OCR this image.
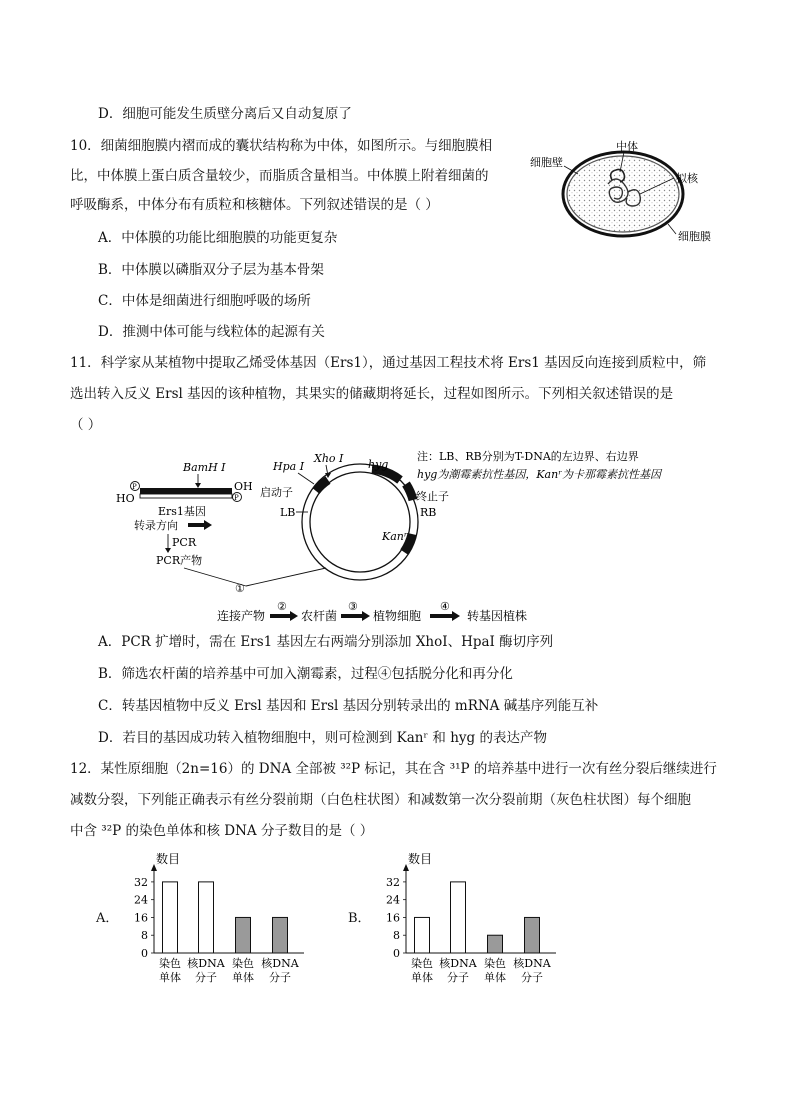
D．细胞可能发生质壁分离后又自动复原了
10．细菌细胞膜内褶而成的囊状结构称为中体，如图所示。与细胞膜相
比，中体膜上蛋白质含量较少，而脂质含量相当。中体膜上附着细菌的
呼吸酶系，中体分布有质粒和核糖体。下列叙述错误的是（ ）
A．中体膜的功能比细胞膜的功能更复杂
B．中体膜以磷脂双分子层为基本骨架
C．中体是细菌进行细胞呼吸的场所
D．推测中体可能与线粒体的起源有关
中体
细胞壁
拟核
细胞膜
11．科学家从某植物中提取乙烯受体基因（Ers1），通过基因工程技术将 Ers1 基因反向连接到质粒中，筛
选出转入反义 Ersl 基因的该种植物，其果实的储藏期将延长，过程如图所示。下列相关叙述错误的是
（ ）
P
HO	P
OH
BamH Ⅰ
Ers1基因
转录方向
PCR
PCR产物
Xho Ⅰ
Hpa Ⅰ	hyg
启动子	终止子
LB	RB
Kanʳ
注：LB、RB分别为T-DNA的左边界、右边界
hyg为潮霉素抗性基因，Kanʳ为卡那霉素抗性基因
①
连接产物
②
农杆菌
③
植物细胞
④
转基因植株
A．PCR 扩增时，需在 Ers1 基因左右两端分别添加 XhoI、HpaI 酶切序列
B．筛选农杆菌的培养基中可加入潮霉素，过程④包括脱分化和再分化
C．转基因植物中反义 Ersl 基因和 Ersl 基因分别转录出的 mRNA 碱基序列能互补
D．若目的基因成功转入植物细胞中，则可检测到 Kanʳ 和 hyg 的表达产物
12．某性原细胞（2n=16）的 DNA 全部被 ³²P 标记，其在含 ³¹P 的培养基中进行一次有丝分裂后继续进行
减数分裂，下列能正确表示有丝分裂前期（白色柱状图）和减数第一次分裂前期（灰色柱状图）每个细胞
中含 ³²P 的染色单体和核 DNA 分子数目的是（ ）
A．
数目
0
8
16
24
32
染色
单体
核DNA
分子
染色
单体
核DNA
分子
B．
数目
0
8
16
24
32
染色
单体
核DNA
分子
染色
单体
核DNA
分子
